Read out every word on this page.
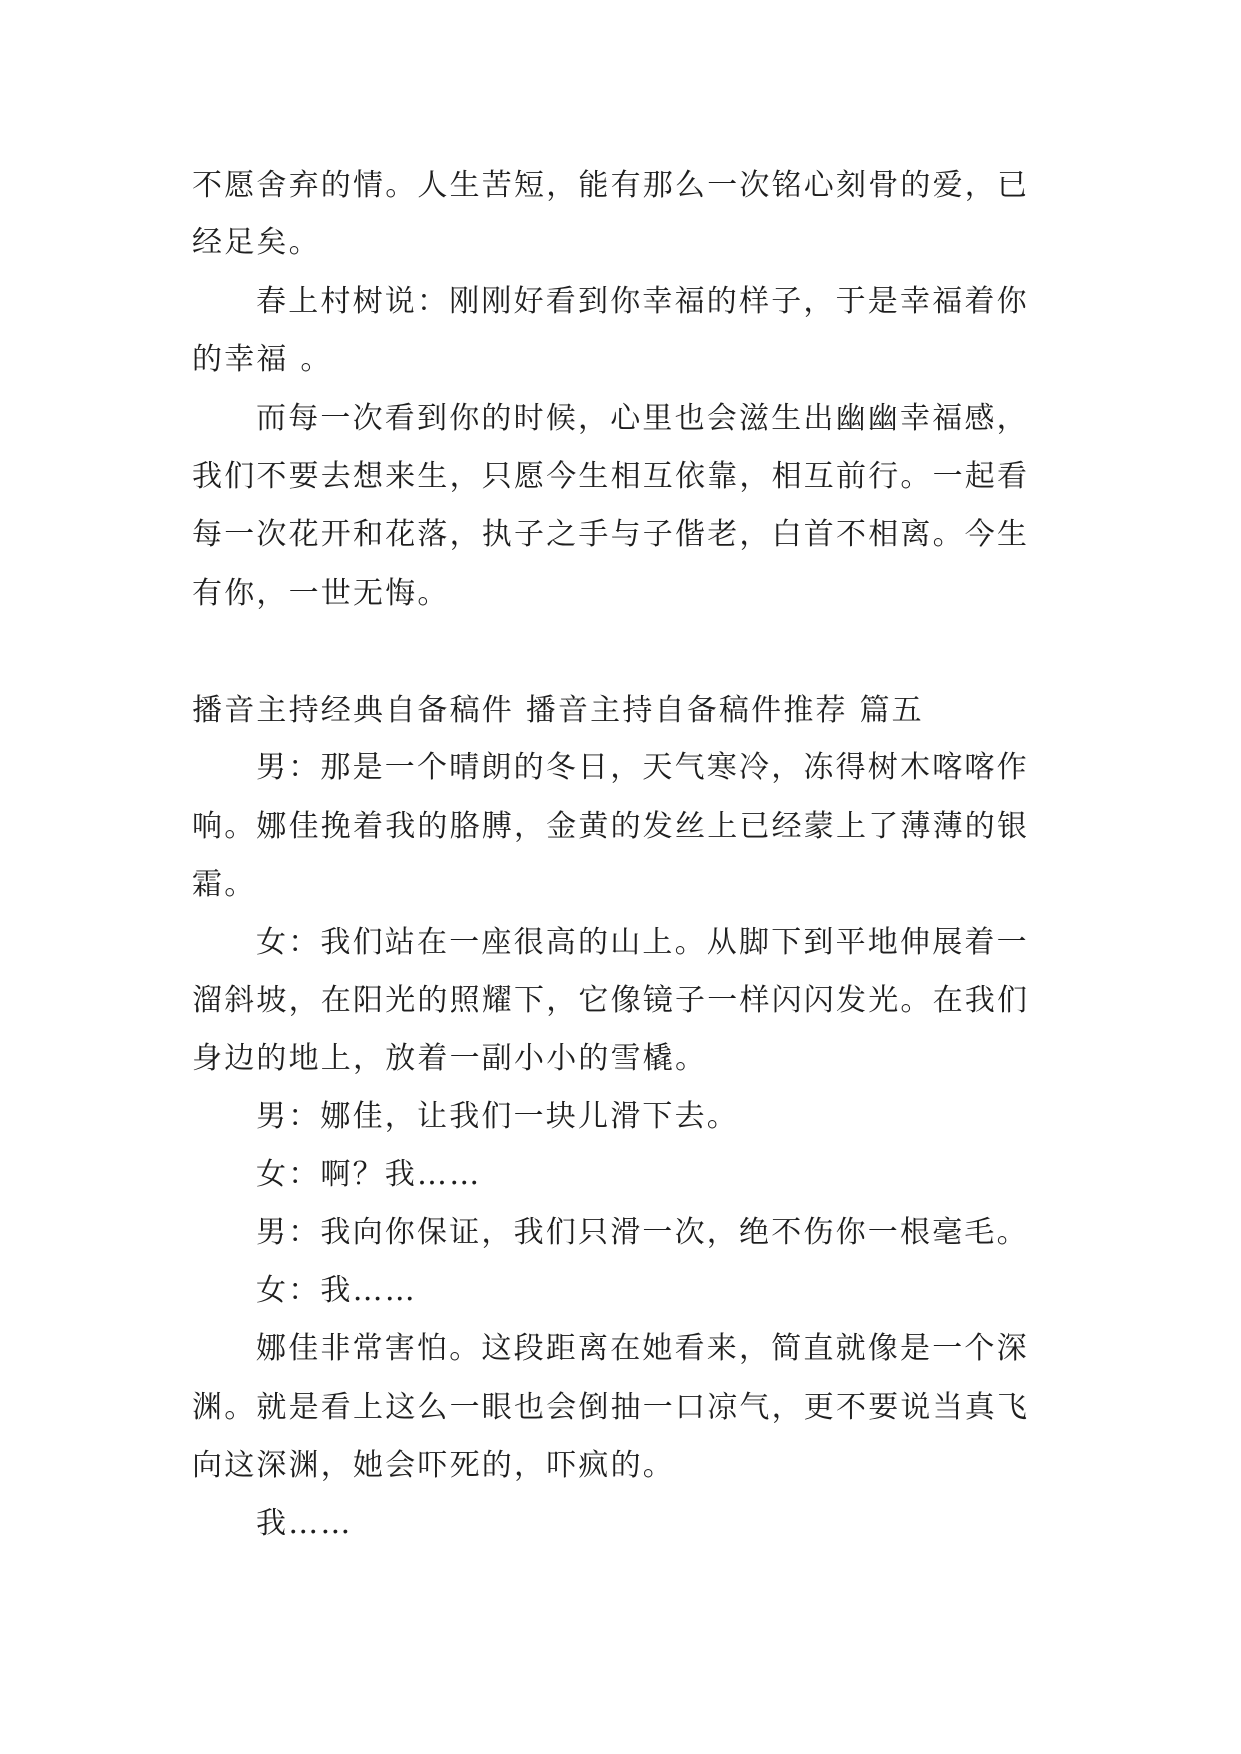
不愿舍弃的情。人生苦短，能有那么一次铭心刻骨的爱，已
经足矣。
春上村树说：刚刚好看到你幸福的样子，于是幸福着你
的幸福 。
而每一次看到你的时候，心里也会滋生出幽幽幸福感，
我们不要去想来生，只愿今生相互依靠，相互前行。一起看
每一次花开和花落，执子之手与子偕老，白首不相离。今生
有你，一世无悔。
播音主持经典自备稿件 播音主持自备稿件推荐 篇五
男：那是一个晴朗的冬日，天气寒冷，冻得树木喀喀作
响。娜佳挽着我的胳膊，金黄的发丝上已经蒙上了薄薄的银
霜。
女：我们站在一座很高的山上。从脚下到平地伸展着一
溜斜坡，在阳光的照耀下，它像镜子一样闪闪发光。在我们
身边的地上，放着一副小小的雪橇。
男：娜佳，让我们一块儿滑下去。
女：啊？我……
男：我向你保证，我们只滑一次，绝不伤你一根毫毛。
女：我……
娜佳非常害怕。这段距离在她看来，简直就像是一个深
渊。就是看上这么一眼也会倒抽一口凉气，更不要说当真飞
向这深渊，她会吓死的，吓疯的。
我……
